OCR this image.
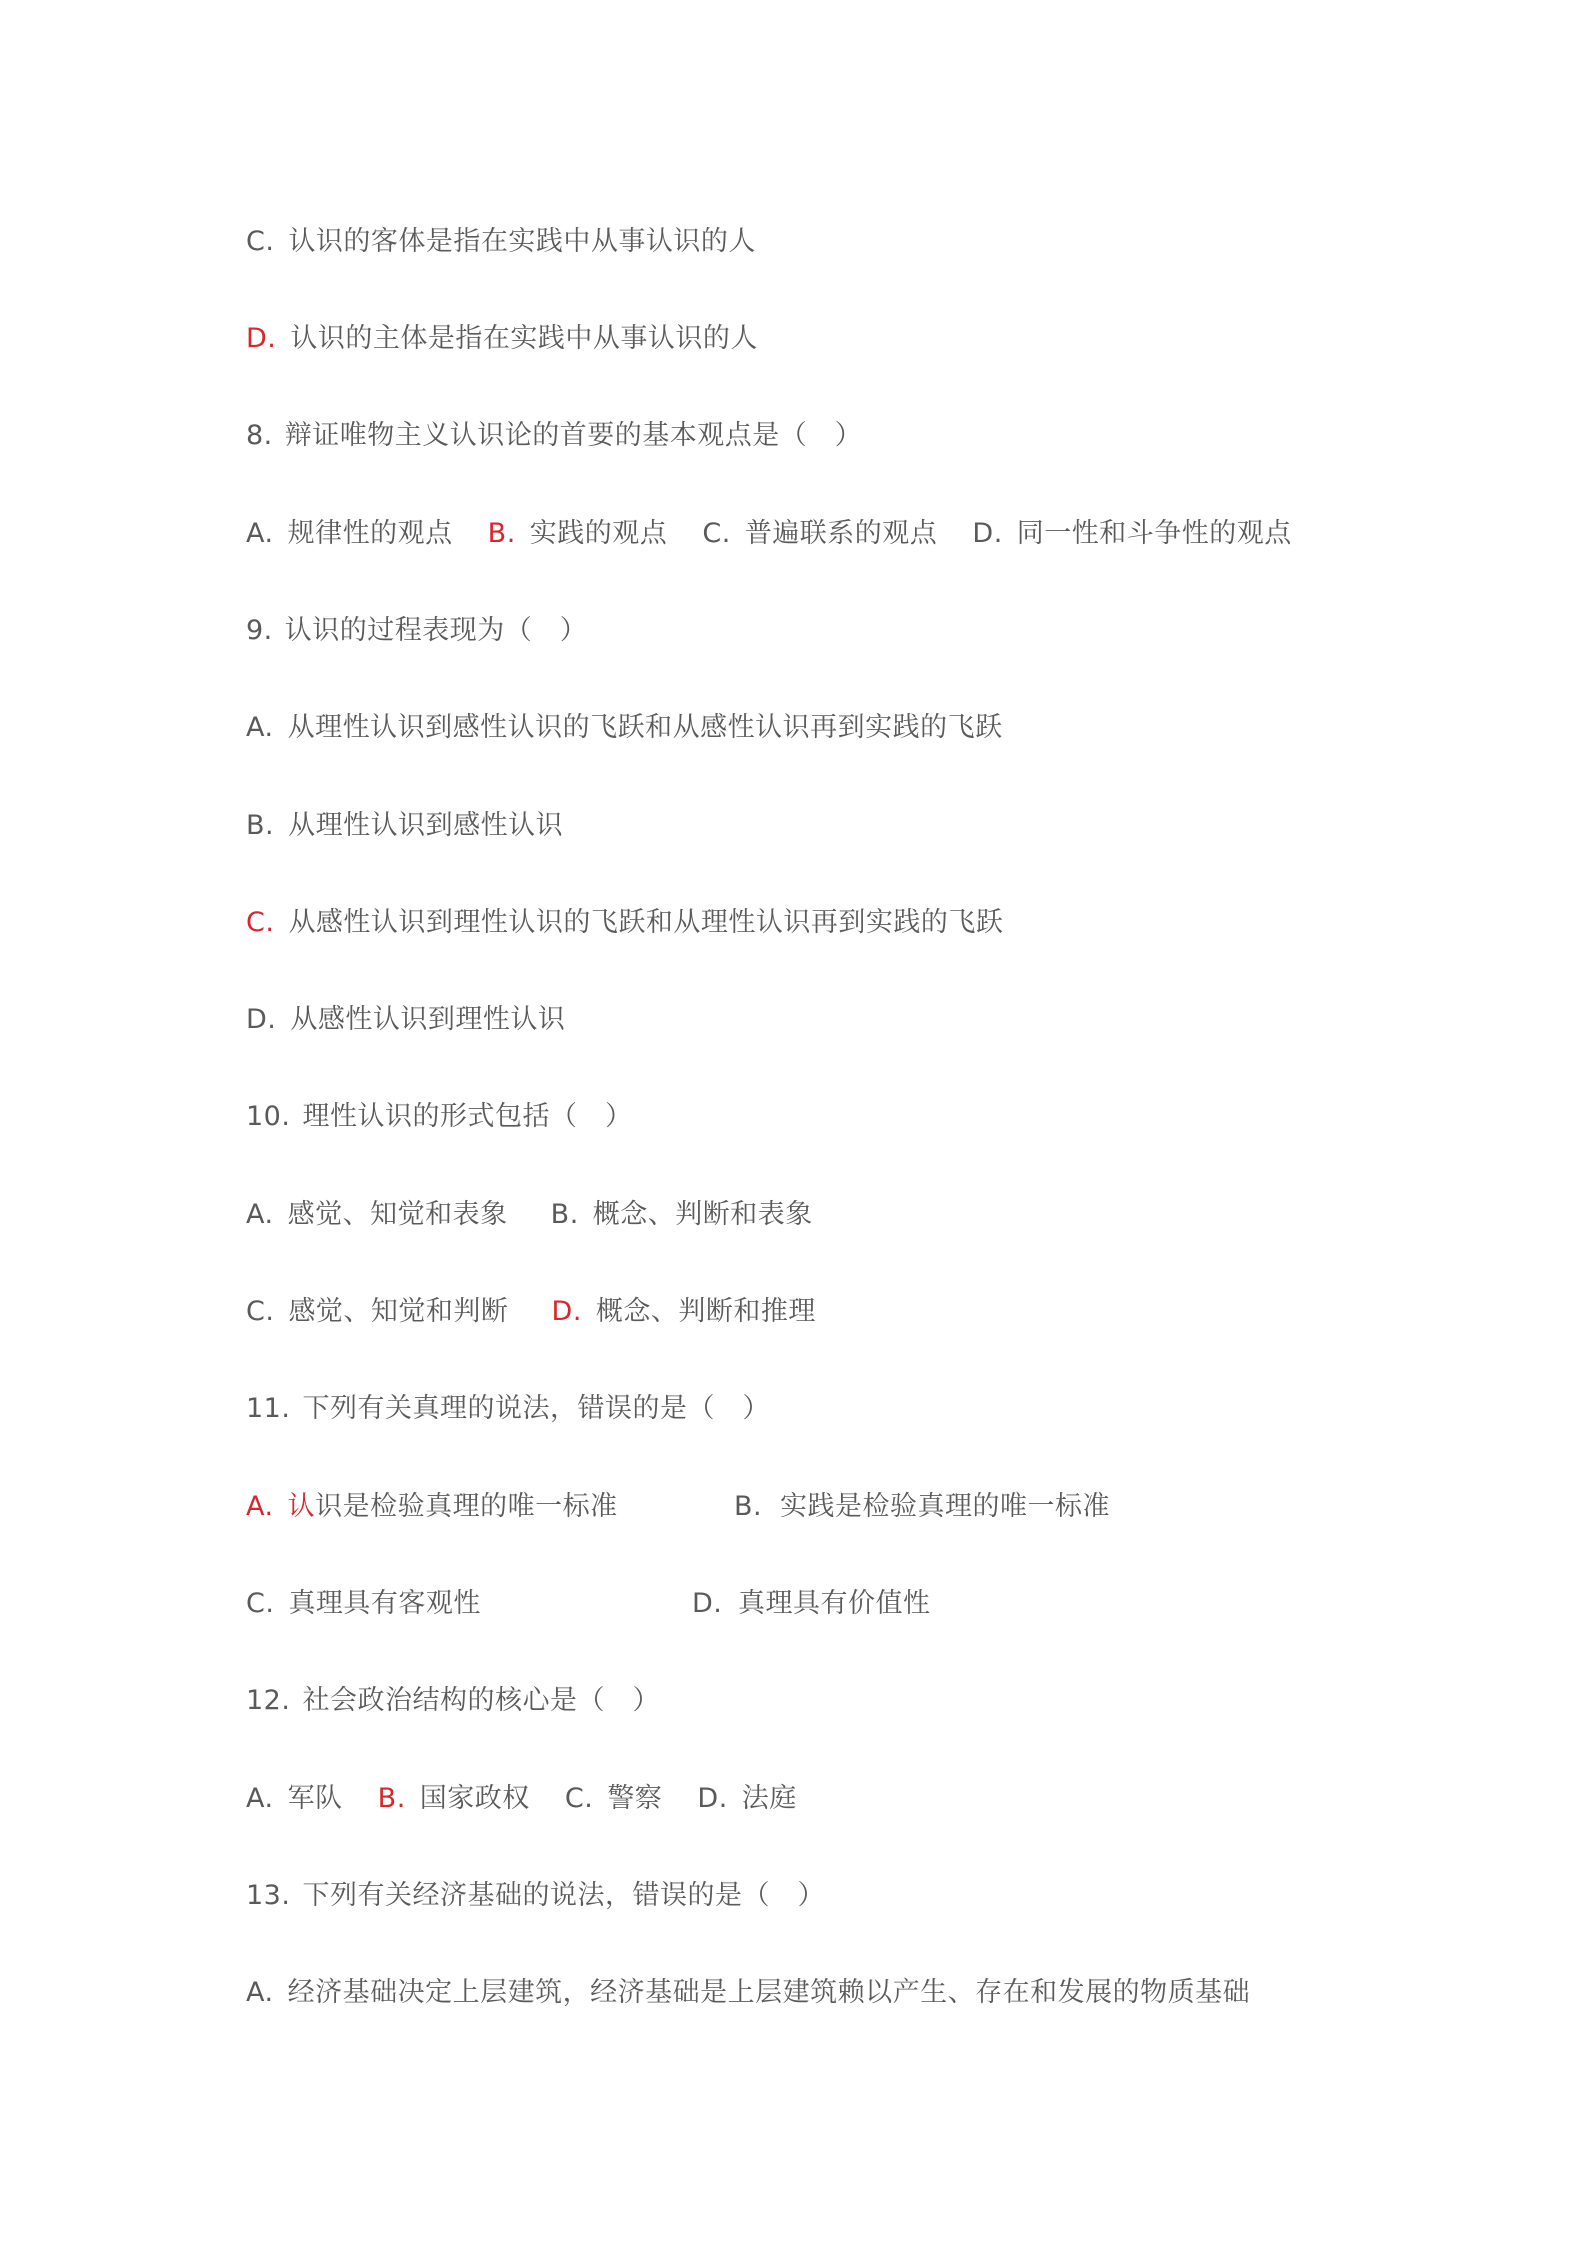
C. 认识的客体是指在实践中从事认识的人
D. 认识的主体是指在实践中从事认识的人
8. 辩证唯物主义认识论的首要的基本观点是（　）
A. 规律性的观点 B. 实践的观点 C. 普遍联系的观点 D. 同一性和斗争性的观点
9. 认识的过程表现为（　）
A. 从理性认识到感性认识的飞跃和从感性认识再到实践的飞跃
B. 从理性认识到感性认识
C. 从感性认识到理性认识的飞跃和从理性认识再到实践的飞跃
D. 从感性认识到理性认识
10. 理性认识的形式包括（　）
A. 感觉、知觉和表象 B. 概念、判断和表象
C. 感觉、知觉和判断 D. 概念、判断和推理
11. 下列有关真理的说法，错误的是（　）
A. 认识是检验真理的唯一标准	B. 实践是检验真理的唯一标准
C. 真理具有客观性	D. 真理具有价值性
12. 社会政治结构的核心是（　）
A. 军队 B. 国家政权 C. 警察 D. 法庭
13. 下列有关经济基础的说法，错误的是（　）
A. 经济基础决定上层建筑，经济基础是上层建筑赖以产生、存在和发展的物质基础
